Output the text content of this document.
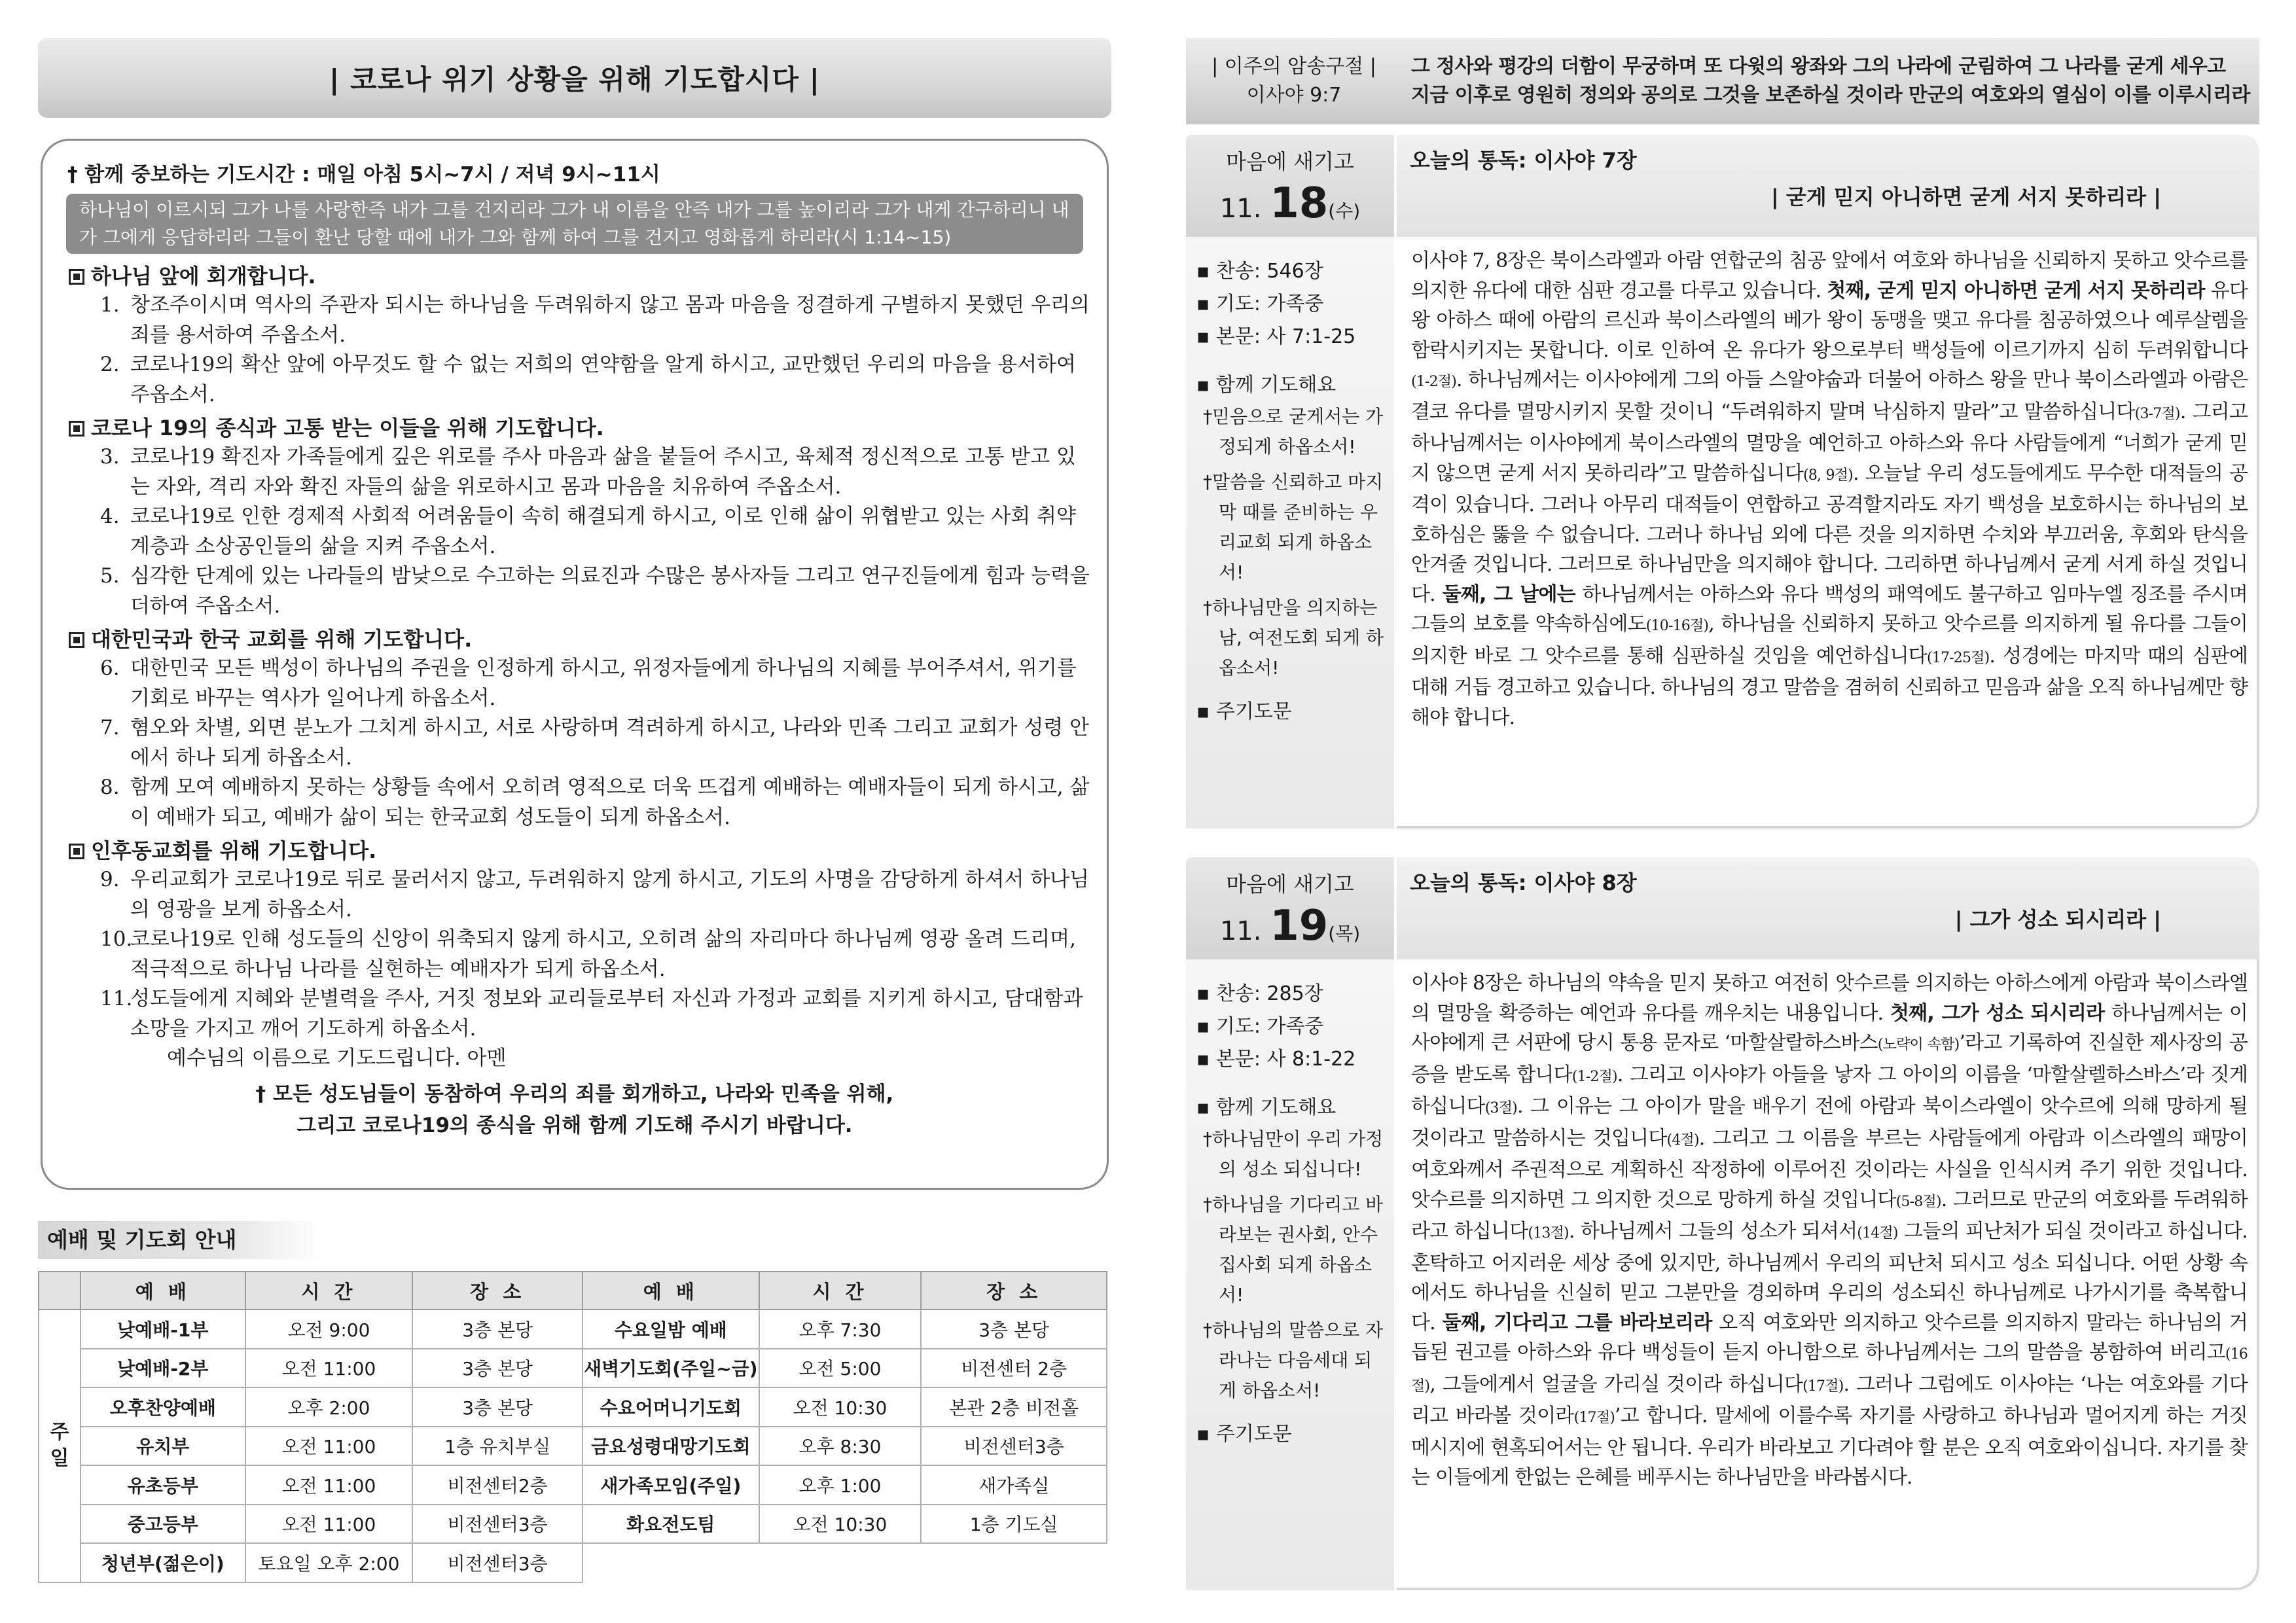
| 코로나 위기 상황을 위해 기도합시다 |
† 함께 중보하는 기도시간 : 매일 아침 5시~7시 / 저녁 9시~11시
하나님이 이르시되 그가 나를 사랑한즉 내가 그를 건지리라 그가 내 이름을 안즉 내가 그를 높이리라 그가 내게 간구하리니 내가 그에게 응답하리라 그들이 환난 당할 때에 내가 그와 함께 하여 그를 건지고 영화롭게 하리라(시 1:14~15)
하나님 앞에 회개합니다.
1. 창조주이시며 역사의 주관자 되시는 하나님을 두려워하지 않고 몸과 마음을 정결하게 구별하지 못했던 우리의 죄를 용서하여 주옵소서.
2. 코로나19의 확산 앞에 아무것도 할 수 없는 저희의 연약함을 알게 하시고, 교만했던 우리의 마음을 용서하여 주옵소서.
코로나 19의 종식과 고통 받는 이들을 위해 기도합니다.
3. 코로나19 확진자 가족들에게 깊은 위로를 주사 마음과 삶을 붙들어 주시고, 육체적 정신적으로 고통 받고 있는 자와, 격리 자와 확진 자들의 삶을 위로하시고 몸과 마음을 치유하여 주옵소서.
4. 코로나19로 인한 경제적 사회적 어려움들이 속히 해결되게 하시고, 이로 인해 삶이 위협받고 있는 사회 취약 계층과 소상공인들의 삶을 지켜 주옵소서.
5. 심각한 단계에 있는 나라들의 밤낮으로 수고하는 의료진과 수많은 봉사자들 그리고 연구진들에게 힘과 능력을 더하여 주옵소서.
대한민국과 한국 교회를 위해 기도합니다.
6. 대한민국 모든 백성이 하나님의 주권을 인정하게 하시고, 위정자들에게 하나님의 지혜를 부어주셔서, 위기를 기회로 바꾸는 역사가 일어나게 하옵소서.
7. 혐오와 차별, 외면 분노가 그치게 하시고, 서로 사랑하며 격려하게 하시고, 나라와 민족 그리고 교회가 성령 안에서 하나 되게 하옵소서.
8. 함께 모여 예배하지 못하는 상황들 속에서 오히려 영적으로 더욱 뜨겁게 예배하는 예배자들이 되게 하시고, 삶이 예배가 되고, 예배가 삶이 되는 한국교회 성도들이 되게 하옵소서.
인후동교회를 위해 기도합니다.
9. 우리교회가 코로나19로 뒤로 물러서지 않고, 두려워하지 않게 하시고, 기도의 사명을 감당하게 하셔서 하나님의 영광을 보게 하옵소서.
10.코로나19로 인해 성도들의 신앙이 위축되지 않게 하시고, 오히려 삶의 자리마다 하나님께 영광 올려 드리며, 적극적으로 하나님 나라를 실현하는 예배자가 되게 하옵소서.
11.성도들에게 지혜와 분별력을 주사, 거짓 정보와 교리들로부터 자신과 가정과 교회를 지키게 하시고, 담대함과 소망을 가지고 깨어 기도하게 하옵소서.
예수님의 이름으로 기도드립니다. 아멘
† 모든 성도님들이 동참하여 우리의 죄를 회개하고, 나라와 민족을 위해,
그리고 코로나19의 종식을 위해 함께 기도해 주시기 바랍니다.
예배 및 기도회 안내
	예 배	시 간	장 소	예 배	시 간	장 소

주
일	낮예배-1부	오전 9:00	3층 본당	수요일밤 예배	오후 7:30	3층 본당
	낮예배-2부	오전 11:00	3층 본당	새벽기도회(주일~금)	오전 5:00	비전센터 2층
	오후찬양예배	오후 2:00	3층 본당	수요어머니기도회	오전 10:30	본관 2층 비전홀
	유치부	오전 11:00	1층 유치부실	금요성령대망기도회	오후 8:30	비전센터3층
	유초등부	오전 11:00	비전센터2층	새가족모임(주일)	오후 1:00	새가족실
	중고등부	오전 11:00	비전센터3층	화요전도팀	오전 10:30	1층 기도실
	청년부(젊은이)	토요일 오후 2:00	비전센터3층			
| 이주의 암송구절 |
이사야 9:7
그 정사와 평강의 더함이 무궁하며 또 다윗의 왕좌와 그의 나라에 군림하여 그 나라를 굳게 세우고 지금 이후로 영원히 정의와 공의로 그것을 보존하실 것이라 만군의 여호와의 열심이 이를 이루시리라
마음에 새기고
11. 18(수)
오늘의 통독: 이사야 7장
| 굳게 믿지 아니하면 굳게 서지 못하리라 |
▪ 찬송: 546장
▪ 기도: 가족중
▪ 본문: 사 7:1-25
▪ 함께 기도해요
†믿음으로 굳게서는 가정되게 하옵소서!
†말씀을 신뢰하고 마지막 때를 준비하는 우리교회 되게 하옵소서!
†하나님만을 의지하는 남, 여전도회 되게 하옵소서!
▪ 주기도문

이사야 7, 8장은 북이스라엘과 아람 연합군의 침공 앞에서 여호와 하나님을 신뢰하지 못하고 앗수르를 의지한 유다에 대한 심판 경고를 다루고 있습니다. 첫째, 굳게 믿지 아니하면 굳게 서지 못하리라 유다왕 아하스 때에 아람의 르신과 북이스라엘의 베가 왕이 동맹을 맺고 유다를 침공하였으나 예루살렘을 함락시키지는 못합니다. 이로 인하여 온 유다가 왕으로부터 백성들에 이르기까지 심히 두려워합니다(1-2절). 하나님께서는 이사야에게 그의 아들 스알야숩과 더불어 아하스 왕을 만나 북이스라엘과 아람은 결코 유다를 멸망시키지 못할 것이니 “두려워하지 말며 낙심하지 말라”고 말씀하십니다(3-7절). 그리고 하나님께서는 이사야에게 북이스라엘의 멸망을 예언하고 아하스와 유다 사람들에게 “너희가 굳게 믿지 않으면 굳게 서지 못하리라”고 말씀하십니다(8, 9절). 오늘날 우리 성도들에게도 무수한 대적들의 공격이 있습니다. 그러나 아무리 대적들이 연합하고 공격할지라도 자기 백성을 보호하시는 하나님의 보호하심은 뚫을 수 없습니다. 그러나 하나님 외에 다른 것을 의지하면 수치와 부끄러움, 후회와 탄식을 안겨줄 것입니다. 그러므로 하나님만을 의지해야 합니다. 그리하면 하나님께서 굳게 서게 하실 것입니다. 둘째, 그 날에는 하나님께서는 아하스와 유다 백성의 패역에도 불구하고 임마누엘 징조를 주시며 그들의 보호를 약속하심에도(10-16절), 하나님을 신뢰하지 못하고 앗수르를 의지하게 될 유다를 그들이 의지한 바로 그 앗수르를 통해 심판하실 것임을 예언하십니다(17-25절). 성경에는 마지막 때의 심판에 대해 거듭 경고하고 있습니다. 하나님의 경고 말씀을 겸허히 신뢰하고 믿음과 삶을 오직 하나님께만 향해야 합니다.

마음에 새기고
11. 19(목)
오늘의 통독: 이사야 8장
| 그가 성소 되시리라 |
▪ 찬송: 285장
▪ 기도: 가족중
▪ 본문: 사 8:1-22
▪ 함께 기도해요
†하나님만이 우리 가정의 성소 되십니다!
†하나님을 기다리고 바라보는 권사회, 안수집사회 되게 하옵소서!
†하나님의 말씀으로 자라나는 다음세대 되게 하옵소서!
▪ 주기도문

이사야 8장은 하나님의 약속을 믿지 못하고 여전히 앗수르를 의지하는 아하스에게 아람과 북이스라엘의 멸망을 확증하는 예언과 유다를 깨우치는 내용입니다. 첫째, 그가 성소 되시리라 하나님께서는 이사야에게 큰 서판에 당시 통용 문자로 ‘마할살랄하스바스(노략이 속함)’라고 기록하여 진실한 제사장의 공증을 받도록 합니다(1-2절). 그리고 이사야가 아들을 낳자 그 아이의 이름을 ‘마할살렐하스바스’라 짓게 하십니다(3절). 그 이유는 그 아이가 말을 배우기 전에 아람과 북이스라엘이 앗수르에 의해 망하게 될 것이라고 말씀하시는 것입니다(4절). 그리고 그 이름을 부르는 사람들에게 아람과 이스라엘의 패망이 여호와께서 주권적으로 계획하신 작정하에 이루어진 것이라는 사실을 인식시켜 주기 위한 것입니다. 앗수르를 의지하면 그 의지한 것으로 망하게 하실 것입니다(5-8절). 그러므로 만군의 여호와를 두려워하라고 하십니다(13절). 하나님께서 그들의 성소가 되셔서(14절) 그들의 피난처가 되실 것이라고 하십니다. 혼탁하고 어지러운 세상 중에 있지만, 하나님께서 우리의 피난처 되시고 성소 되십니다. 어떤 상황 속에서도 하나님을 신실히 믿고 그분만을 경외하며 우리의 성소되신 하나님께로 나가시기를 축복합니다. 둘째, 기다리고 그를 바라보리라 오직 여호와만 의지하고 앗수르를 의지하지 말라는 하나님의 거듭된 권고를 아하스와 유다 백성들이 듣지 아니함으로 하나님께서는 그의 말씀을 봉함하여 버리고(16절), 그들에게서 얼굴을 가리실 것이라 하십니다(17절). 그러나 그럼에도 이사야는 ‘나는 여호와를 기다리고 바라볼 것이라(17절)’고 합니다. 말세에 이를수록 자기를 사랑하고 하나님과 멀어지게 하는 거짓 메시지에 현혹되어서는 안 됩니다. 우리가 바라보고 기다려야 할 분은 오직 여호와이십니다. 자기를 찾는 이들에게 한없는 은혜를 베푸시는 하나님만을 바라봅시다.
